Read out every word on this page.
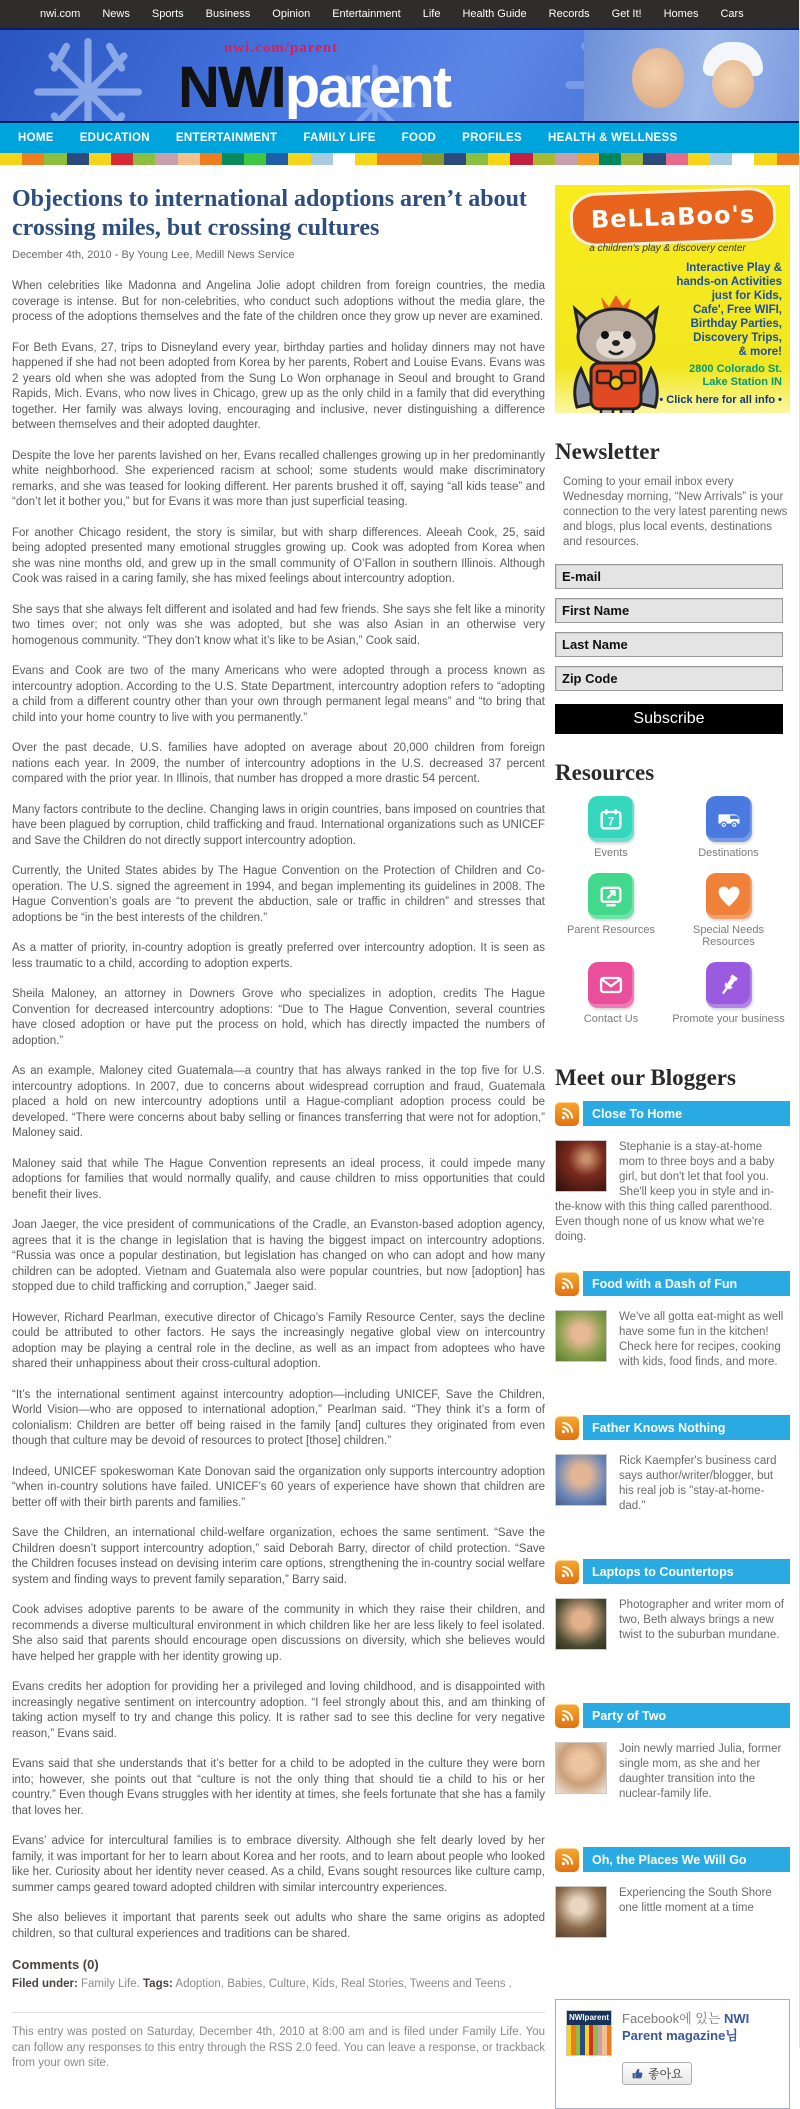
nwi.com News Sports Business Opinion Entertainment Life Health Guide Records Get It! Homes Cars
nwi.com/parent
NWIparent
HOME EDUCATION ENTERTAINMENT FAMILY LIFE FOOD PROFILES HEALTH & WELLNESS
Objections to international adoptions aren’t about crossing miles, but crossing cultures
December 4th, 2010 - By Young Lee, Medill News Service

When celebrities like Madonna and Angelina Jolie adopt children from foreign countries, the media coverage is intense. But for non-celebrities, who conduct such adoptions without the media glare, the process of the adoptions themselves and the fate of the children once they grow up never are examined.

For Beth Evans, 27, trips to Disneyland every year, birthday parties and holiday dinners may not have happened if she had not been adopted from Korea by her parents, Robert and Louise Evans. Evans was 2 years old when she was adopted from the Sung Lo Won orphanage in Seoul and brought to Grand Rapids, Mich. Evans, who now lives in Chicago, grew up as the only child in a family that did everything together. Her family was always loving, encouraging and inclusive, never distinguishing a difference between themselves and their adopted daughter.

Despite the love her parents lavished on her, Evans recalled challenges growing up in her predominantly white neighborhood. She experienced racism at school; some students would make discriminatory remarks, and she was teased for looking different. Her parents brushed it off, saying “all kids tease” and “don’t let it bother you,” but for Evans it was more than just superficial teasing.

For another Chicago resident, the story is similar, but with sharp differences. Aleeah Cook, 25, said being adopted presented many emotional struggles growing up. Cook was adopted from Korea when she was nine months old, and grew up in the small community of O’Fallon in southern Illinois. Although Cook was raised in a caring family, she has mixed feelings about intercountry adoption.

She says that she always felt different and isolated and had few friends. She says she felt like a minority two times over; not only was she was adopted, but she was also Asian in an otherwise very homogenous community. “They don’t know what it’s like to be Asian,” Cook said.

Evans and Cook are two of the many Americans who were adopted through a process known as intercountry adoption. According to the U.S. State Department, intercountry adoption refers to “adopting a child from a different country other than your own through permanent legal means” and “to bring that child into your home country to live with you permanently.”

Over the past decade, U.S. families have adopted on average about 20,000 children from foreign nations each year. In 2009, the number of intercountry adoptions in the U.S. decreased 37 percent compared with the prior year. In Illinois, that number has dropped a more drastic 54 percent.

Many factors contribute to the decline. Changing laws in origin countries, bans imposed on countries that have been plagued by corruption, child trafficking and fraud. International organizations such as UNICEF and Save the Children do not directly support intercountry adoption.

Currently, the United States abides by The Hague Convention on the Protection of Children and Co-operation. The U.S. signed the agreement in 1994, and began implementing its guidelines in 2008. The Hague Convention’s goals are “to prevent the abduction, sale or traffic in children” and stresses that adoptions be “in the best interests of the children.”

As a matter of priority, in-country adoption is greatly preferred over intercountry adoption. It is seen as less traumatic to a child, according to adoption experts.

Sheila Maloney, an attorney in Downers Grove who specializes in adoption, credits The Hague Convention for decreased intercountry adoptions: “Due to The Hague Convention, several countries have closed adoption or have put the process on hold, which has directly impacted the numbers of adoption.”

As an example, Maloney cited Guatemala—a country that has always ranked in the top five for U.S. intercountry adoptions. In 2007, due to concerns about widespread corruption and fraud, Guatemala placed a hold on new intercountry adoptions until a Hague-compliant adoption process could be developed. “There were concerns about baby selling or finances transferring that were not for adoption,” Maloney said.

Maloney said that while The Hague Convention represents an ideal process, it could impede many adoptions for families that would normally qualify, and cause children to miss opportunities that could benefit their lives.

Joan Jaeger, the vice president of communications of the Cradle, an Evanston-based adoption agency, agrees that it is the change in legislation that is having the biggest impact on intercountry adoptions. “Russia was once a popular destination, but legislation has changed on who can adopt and how many children can be adopted. Vietnam and Guatemala also were popular countries, but now [adoption] has stopped due to child trafficking and corruption,” Jaeger said.

However, Richard Pearlman, executive director of Chicago’s Family Resource Center, says the decline could be attributed to other factors. He says the increasingly negative global view on intercountry adoption may be playing a central role in the decline, as well as an impact from adoptees who have shared their unhappiness about their cross-cultural adoption.

“It’s the international sentiment against intercountry adoption—including UNICEF, Save the Children, World Vision—who are opposed to international adoption,” Pearlman said. “They think it’s a form of colonialism: Children are better off being raised in the family [and] cultures they originated from even though that culture may be devoid of resources to protect [those] children.”

Indeed, UNICEF spokeswoman Kate Donovan said the organization only supports intercountry adoption “when in-country solutions have failed. UNICEF’s 60 years of experience have shown that children are better off with their birth parents and families.”

Save the Children, an international child-welfare organization, echoes the same sentiment. “Save the Children doesn’t support intercountry adoption,” said Deborah Barry, director of child protection. “Save the Children focuses instead on devising interim care options, strengthening the in-country social welfare system and finding ways to prevent family separation,” Barry said.

Cook advises adoptive parents to be aware of the community in which they raise their children, and recommends a diverse multicultural environment in which children like her are less likely to feel isolated. She also said that parents should encourage open discussions on diversity, which she believes would have helped her grapple with her identity growing up.

Evans credits her adoption for providing her a privileged and loving childhood, and is disappointed with increasingly negative sentiment on intercountry adoption. “I feel strongly about this, and am thinking of taking action myself to try and change this policy. It is rather sad to see this decline for very negative reason,” Evans said.

Evans said that she understands that it’s better for a child to be adopted in the culture they were born into; however, she points out that “culture is not the only thing that should tie a child to his or her country.” Even though Evans struggles with her identity at times, she feels fortunate that she has a family that loves her.

Evans’ advice for intercultural families is to embrace diversity. Although she felt dearly loved by her family, it was important for her to learn about Korea and her roots, and to learn about people who looked like her. Curiosity about her identity never ceased. As a child, Evans sought resources like culture camp, summer camps geared toward adopted children with similar intercountry experiences.

She also believes it important that parents seek out adults who share the same origins as adopted children, so that cultural experiences and traditions can be shared.

Comments (0)
Filed under: Family Life. Tags: Adoption, Babies, Culture, Kids, Real Stories, Tweens and Teens .
This entry was posted on Saturday, December 4th, 2010 at 8:00 am and is filed under Family Life. You can follow any responses to this entry through the RSS 2.0 feed. You can leave a response, or trackback from your own site.
BeLLaBoo's
a children's play & discovery center
Interactive Play &
hands-on Activities
just for Kids,
Cafe', Free WIFI,
Birthday Parties,
Discovery Trips,
& more!
2800 Colorado St.
Lake Station IN
• Click here for all info •
Newsletter
Coming to your email inbox every Wednesday morning, “New Arrivals” is your connection to the very latest parenting news and blogs, plus local events, destinations and resources.
E-mail
First Name
Last Name
Zip Code Subscribe
Resources
7
Events	Destinations
Parent Resources	Special Needs Resources
Contact Us	Promote your business
Meet our Bloggers
Close To Home
Stephanie is a stay-at-home mom to three boys and a baby girl, but don't let that fool you. She'll keep you in style and in-the-know with this thing called parenthood. Even though none of us know what we're doing.
Food with a Dash of Fun
We've all gotta eat-might as well have some fun in the kitchen! Check here for recipes, cooking with kids, food finds, and more.
Father Knows Nothing
Rick Kaempfer's business card says author/writer/blogger, but his real job is "stay-at-home-dad."
Laptops to Countertops
Photographer and writer mom of two, Beth always brings a new twist to the suburban mundane.
Party of Two
Join newly married Julia, former single mom, as she and her daughter transition into the nuclear-family life.
Oh, the Places We Will Go
Experiencing the South Shore one little moment at a time
NWIparent Facebook에 있는 NWI Parent magazine님
좋아요
